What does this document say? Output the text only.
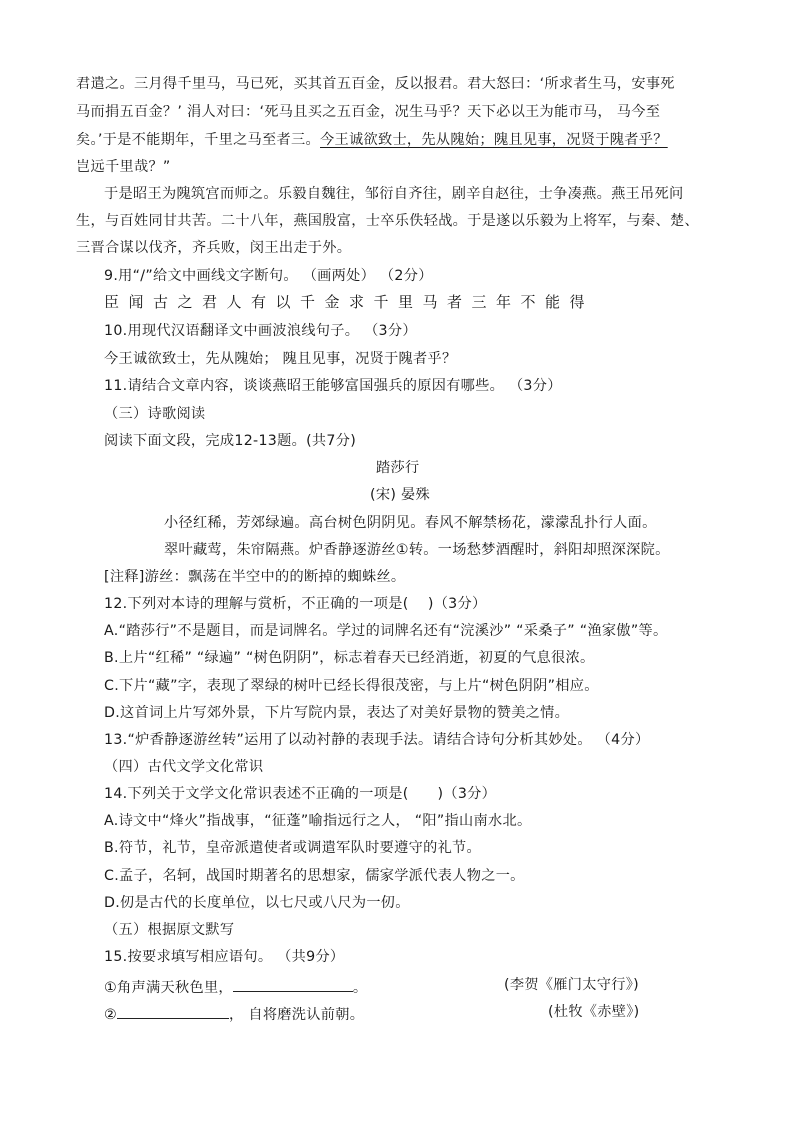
君遣之。三月得千里马，马已死，买其首五百金，反以报君。君大怒曰：‘所求者生马，安事死
马而捐五百金？’ 涓人对曰：‘死马且买之五百金，况生马乎？天下必以王为能市马， 马今至
矣。’于是不能期年，千里之马至者三。今王诚欲致士，先从隗始；隗且见事，况贤于隗者乎？
岂远千里哉？”
于是昭王为隗筑宫而师之。乐毅自魏往，邹衍自齐往，剧辛自赵往，士争凑燕。燕王吊死问
生，与百姓同甘共苦。二十八年，燕国殷富，士卒乐佚轻战。于是遂以乐毅为上将军，与秦、楚、
三晋合谋以伐齐，齐兵败，闵王出走于外。
9.用“/”给文中画线文字断句。 （画两处） （2分）
臣 闻 古 之 君 人 有 以 千 金 求 千 里 马 者 三 年 不 能 得
10.用现代汉语翻译文中画波浪线句子。 （3分）
今王诚欲致士，先从隗始； 隗且见事，况贤于隗者乎？
11.请结合文章内容，谈谈燕昭王能够富国强兵的原因有哪些。 （3分）
（三）诗歌阅读
阅读下面文段，完成12-13题。(共7分)
踏莎行
(宋) 晏殊
小径红稀，芳郊绿遍。高台树色阴阴见。春风不解禁杨花，濛濛乱扑行人面。
翠叶藏莺，朱帘隔燕。炉香静逐游丝①转。一场愁梦酒醒时，斜阳却照深深院。
[注释]游丝：飘荡在半空中的的断掉的蜘蛛丝。
12.下列对本诗的理解与赏析，不正确的一项是(　 )（3分）
A.“踏莎行”不是题目，而是词牌名。学过的词牌名还有“浣溪沙” “采桑子” “渔家傲”等。
B.上片“红稀” “绿遍” “树色阴阴”，标志着春天已经消逝，初夏的气息很浓。
C.下片“藏”字，表现了翠绿的树叶已经长得很茂密，与上片“树色阴阴”相应。
D.这首词上片写郊外景，下片写院内景，表达了对美好景物的赞美之情。
13.“炉香静逐游丝转”运用了以动衬静的表现手法。请结合诗句分析其妙处。 （4分）
（四）古代文学文化常识
14.下列关于文学文化常识表述不正确的一项是(　　)（3分）
A.诗文中“烽火”指战事，“征蓬”喻指远行之人， “阳”指山南水北。
B.符节，礼节，皇帝派遣使者或调遣军队时要遵守的礼节。
C.孟子，名轲，战国时期著名的思想家，儒家学派代表人物之一。
D.仞是古代的长度单位，以七尺或八尺为一仞。
（五）根据原文默写
15.按要求填写相应语句。 （共9分）
①角声满天秋色里，	。	(李贺《雁门太守行》)
②	， 自将磨洗认前朝。	(杜牧《赤壁》)
